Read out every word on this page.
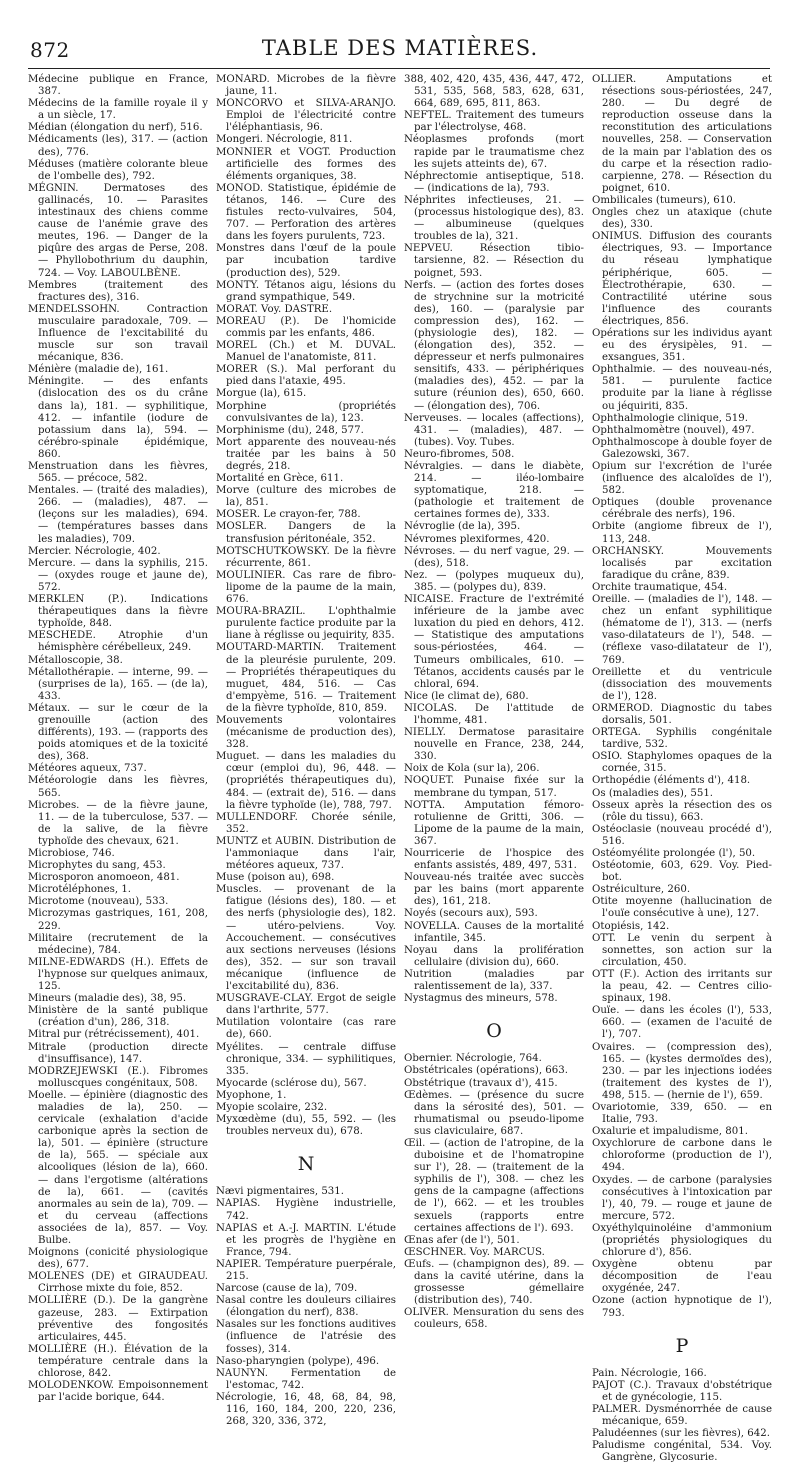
872	TABLE DES MATIÈRES.

Médecine publique en France, 387.

Médecins de la famille royale il y a un siècle, 17.

Médian (élongation du nerf), 516.

Médicaments (les), 317. — (action des), 776.

Méduses (matière colorante bleue de l'ombelle des), 792.

MÉGNIN. Dermatoses des gallinacés, 10. — Parasites intestinaux des chiens comme cause de l'anémie grave des meutes, 196. — Danger de la piqûre des argas de Perse, 208. — Phyllobothrium du dauphin, 724. — Voy. LABOULBÈNE.

Membres (traitement des fractures des), 316.

MENDELSSOHN. Contraction musculaire paradoxale, 709. — Influence de l'excitabilité du muscle sur son travail mécanique, 836.

Ménière (maladie de), 161.

Méningite. — des enfants (dislocation des os du crâne dans la), 181. — syphilitique, 412. — infantile (iodure de potassium dans la), 594. — cérébro-spinale épidémique, 860.

Menstruation dans les fièvres, 565. — précoce, 582.

Mentales. — (traité des maladies), 266. — (maladies), 487. — (leçons sur les maladies), 694. — (températures basses dans les maladies), 709.

Mercier. Nécrologie, 402.

Mercure. — dans la syphilis, 215. — (oxydes rouge et jaune de), 572.

MERKLEN (P.). Indications thérapeutiques dans la fièvre typhoïde, 848.

MESCHEDE. Atrophie d'un hémisphère cérébelleux, 249.

Métalloscopie, 38.

Métallothérapie. — interne, 99. — (surprises de la), 165. — (de la), 433.

Métaux. — sur le cœur de la grenouille (action des différents), 193. — (rapports des poids atomiques et de la toxicité des), 368.

Météores aqueux, 737.

Météorologie dans les fièvres, 565.

Microbes. — de la fièvre jaune, 11. — de la tuberculose, 537. — de la salive, de la fièvre typhoïde des chevaux, 621.

Microbiose, 746.

Microphytes du sang, 453.

Microsporon anomoeon, 481.

Microtéléphones, 1.

Microtome (nouveau), 533.

Microzymas gastriques, 161, 208, 229.

Militaire (recrutement de la médecine), 784.

MILNE-EDWARDS (H.). Effets de l'hypnose sur quelques animaux, 125.

Mineurs (maladie des), 38, 95.

Ministère de la santé publique (création d'un), 286, 318.

Mitral pur (rétrécissement), 401.

Mitrale (production directe d'insuffisance), 147.

MODRZEJEWSKI (E.). Fibromes molluscques congénitaux, 508.

Moelle. — épinière (diagnostic des maladies de la), 250. — cervicale (exhalation d'acide carbonique après la section de la), 501. — épinière (structure de la), 565. — spéciale aux alcooliques (lésion de la), 660. — dans l'ergotisme (altérations de la), 661. — (cavités anormales au sein de la), 709. — et du cerveau (affections associées de la), 857. — Voy. Bulbe.

Moignons (conicité physiologique des), 677.

MOLENES (DE) et GIRAUDEAU. Cirrhose mixte du foie, 852.

MOLLIÈRE (D.). De la gangrène gazeuse, 283. — Extirpation préventive des fongosités articulaires, 445.

MOLLIÈRE (H.). Élévation de la température centrale dans la chlorose, 842.

MOLODENKOW. Empoisonnement par l'acide borique, 644.

MONARD. Microbes de la fièvre jaune, 11.

MONCORVO et SILVA-ARANJO. Emploi de l'électricité contre l'éléphantiasis, 96.

Mongeri. Nécrologie, 811.

MONNIER et VOGT. Production artificielle des formes des éléments organiques, 38.

MONOD. Statistique, épidémie de tétanos, 146. — Cure des fistules recto-vulvaires, 504, 707. — Perforation des artères dans les foyers purulents, 723.

Monstres dans l'œuf de la poule par incubation tardive (production des), 529.

MONTY. Tétanos aigu, lésions du grand sympathique, 549.

MORAT. Voy. DASTRE.

MOREAU (P.). De l'homicide commis par les enfants, 486.

MOREL (Ch.) et M. DUVAL. Manuel de l'anatomiste, 811.

MORER (S.). Mal perforant du pied dans l'ataxie, 495.

Morgue (la), 615.

Morphine (propriétés convulsivantes de la), 123.

Morphinisme (du), 248, 577.

Mort apparente des nouveau-nés traitée par les bains à 50 degrés, 218.

Mortalité en Grèce, 611.

Morve (culture des microbes de la), 851.

MOSER. Le crayon-fer, 788.

MOSLER. Dangers de la transfusion péritonéale, 352.

MOTSCHUTKOWSKY. De la fièvre récurrente, 861.

MOULINIER. Cas rare de fibro-lipome de la paume de la main, 676.

MOURA-BRAZIL. L'ophthalmie purulente factice produite par la liane à réglisse ou jequirity, 835.

MOUTARD-MARTIN. Traitement de la pleurésie purulente, 209. — Propriétés thérapeutiques du muguet, 484, 516. — Cas d'empyème, 516. — Traitement de la fièvre typhoïde, 810, 859.

Mouvements volontaires (mécanisme de production des), 328.

Muguet. — dans les maladies du cœur (emploi du), 96, 448. — (propriétés thérapeutiques du), 484. — (extrait de), 516. — dans la fièvre typhoïde (le), 788, 797.

MULLENDORF. Chorée sénile, 352.

MUNTZ et AUBIN. Distribution de l'ammoniaque dans l'air, météores aqueux, 737.

Muse (poison au), 698.

Muscles. — provenant de la fatigue (lésions des), 180. — et des nerfs (physiologie des), 182. — utéro-pelviens. Voy. Accouchement. — consécutives aux sections nerveuses (lésions des), 352. — sur son travail mécanique (influence de l'excitabilité du), 836.

MUSGRAVE-CLAY. Ergot de seigle dans l'arthrite, 577.

Mutilation volontaire (cas rare de), 660.

Myélites. — centrale diffuse chronique, 334. — syphilitiques, 335.

Myocarde (sclérose du), 567.

Myophone, 1.

Myopie scolaire, 232.

Myxœdème (du), 55, 592. — (les troubles nerveux du), 678.

N

Nævi pigmentaires, 531.

NAPIAS. Hygiène industrielle, 742.

NAPIAS et A.-J. MARTIN. L'étude et les progrès de l'hygiène en France, 794.

NAPIER. Température puerpérale, 215.

Narcose (cause de la), 709.

Nasal contre les douleurs ciliaires (élongation du nerf), 838.

Nasales sur les fonctions auditives (influence de l'atrésie des fosses), 314.

Naso-pharyngien (polype), 496.

NAUNYN. Fermentation de l'estomac, 742.

Nécrologie, 16, 48, 68, 84, 98, 116, 160, 184, 200, 220, 236, 268, 320, 336, 372,

388, 402, 420, 435, 436, 447, 472, 531, 535, 568, 583, 628, 631, 664, 689, 695, 811, 863.

NEFTEL. Traitement des tumeurs par l'électrolyse, 468.

Néoplasmes profonds (mort rapide par le traumatisme chez les sujets atteints de), 67.

Néphrectomie antiseptique, 518. — (indications de la), 793.

Néphrites infectieuses, 21. — (processus histologique des), 83. — albumineuse (quelques troubles de la), 321.

NEPVEU. Résection tibio-tarsienne, 82. — Résection du poignet, 593.

Nerfs. — (action des fortes doses de strychnine sur la motricité des), 160. — (paralysie par compression des), 162. — (physiologie des), 182. — (élongation des), 352. — dépresseur et nerfs pulmonaires sensitifs, 433. — périphériques (maladies des), 452. — par la suture (réunion des), 650, 660. — (élongation des), 706.

Nerveuses. — locales (affections), 431. — (maladies), 487. — (tubes). Voy. Tubes.

Neuro-fibromes, 508.

Névralgies. — dans le diabète, 214. — iléo-lombaire syptomatique, 218. — (pathologie et traitement de certaines formes de), 333.

Névroglie (de la), 395.

Névromes plexiformes, 420.

Névroses. — du nerf vague, 29. — (des), 518.

Nez. — (polypes muqueux du), 385. — (polypes du), 839.

NICAISE. Fracture de l'extrémité inférieure de la jambe avec luxation du pied en dehors, 412. — Statistique des amputations sous-périostées, 464. — Tumeurs ombilicales, 610. — Tétanos, accidents causés par le chloral, 694.

Nice (le climat de), 680.

NICOLAS. De l'attitude de l'homme, 481.

NIELLY. Dermatose parasitaire nouvelle en France, 238, 244, 330.

Noix de Kola (sur la), 206.

NOQUET. Punaise fixée sur la membrane du tympan, 517.

NOTTA. Amputation fémoro-rotulienne de Gritti, 306. — Lipome de la paume de la main, 367.

Nourricerie de l'hospice des enfants assistés, 489, 497, 531.

Nouveau-nés traitée avec succès par les bains (mort apparente des), 161, 218.

Noyés (secours aux), 593.

NOVELLA. Causes de la mortalité infantile, 345.

Noyau dans la prolifération cellulaire (division du), 660.

Nutrition (maladies par ralentissement de la), 337.

Nystagmus des mineurs, 578.

O

Obernier. Nécrologie, 764.

Obstétricales (opérations), 663.

Obstétrique (travaux d'), 415.

Œdèmes. — (présence du sucre dans la sérosité des), 501. — rhumatismal ou pseudo-lipome sus claviculaire, 687.

Œil. — (action de l'atropine, de la duboisine et de l'homatropine sur l'), 28. — (traitement de la syphilis de l'), 308. — chez les gens de la campagne (affections de l'), 662. — et les troubles sexuels (rapports entre certaines affections de l'). 693.

Œnas afer (de l'), 501.

ŒSCHNER. Voy. MARCUS.

Œufs. — (champignon des), 89. — dans la cavité utérine, dans la grossesse gémellaire (distribution des), 740.

OLIVER. Mensuration du sens des couleurs, 658.

OLLIER. Amputations et résections sous-périostées, 247, 280. — Du degré de reproduction osseuse dans la reconstitution des articulations nouvelles, 258. — Conservation de la main par l'ablation des os du carpe et la résection radio-carpienne, 278. — Résection du poignet, 610.

Ombilicales (tumeurs), 610.

Ongles chez un ataxique (chute des), 330.

ONIMUS. Diffusion des courants électriques, 93. — Importance du réseau lymphatique périphérique, 605. — Électrothérapie, 630. — Contractilité utérine sous l'influence des courants électriques, 856.

Opérations sur les individus ayant eu des érysipèles, 91. — exsangues, 351.

Ophthalmie. — des nouveau-nés, 581. — purulente factice produite par la liane à réglisse ou jéquiriti, 835.

Ophthalmologie clinique, 519.

Ophthalmomètre (nouvel), 497.

Ophthalmoscope à double foyer de Galezowski, 367.

Opium sur l'excrétion de l'urée (influence des alcaloïdes de l'), 582.

Optiques (double provenance cérébrale des nerfs), 196.

Orbite (angiome fibreux de l'), 113, 248.

ORCHANSKY. Mouvements localisés par excitation faradique du crâne, 839.

Orchite traumatique, 454.

Oreille. — (maladies de l'), 148. — chez un enfant syphilitique (hématome de l'), 313. — (nerfs vaso-dilatateurs de l'), 548. — (réflexe vaso-dilatateur de l'), 769.

Oreillette et du ventricule (dissociation des mouvements de l'), 128.

ORMEROD. Diagnostic du tabes dorsalis, 501.

ORTEGA. Syphilis congénitale tardive, 532.

OSIO. Staphylomes opaques de la cornée, 315.

Orthopédie (éléments d'), 418.

Os (maladies des), 551.

Osseux après la résection des os (rôle du tissu), 663.

Ostéoclasie (nouveau procédé d'), 516.

Ostéomyélite prolongée (l'), 50.

Ostéotomie, 603, 629. Voy. Pied-bot.

Ostréiculture, 260.

Otite moyenne (hallucination de l'ouïe consécutive à une), 127.

Otopiésis, 142.

OTT. Le venin du serpent à sonnettes, son action sur la circulation, 450.

OTT (F.). Action des irritants sur la peau, 42. — Centres cilio-spinaux, 198.

Ouïe. — dans les écoles (l'), 533, 660. — (examen de l'acuité de l'), 707.

Ovaires. — (compression des), 165. — (kystes dermoïdes des), 230. — par les injections iodées (traitement des kystes de l'), 498, 515. — (hernie de l'), 659.

Ovariotomie, 339, 650. — en Italie, 793.

Oxalurie et impaludisme, 801.

Oxychlorure de carbone dans le chloroforme (production de l'), 494.

Oxydes. — de carbone (paralysies consécutives à l'intoxication par l'), 40, 79. — rouge et jaune de mercure, 572.

Oxyéthylquinoléine d'ammonium (propriétés physiologiques du chlorure d'), 856.

Oxygène obtenu par décomposition de l'eau oxygénée, 247.

Ozone (action hypnotique de l'), 793.

P

Pain. Nécrologie, 166.

PAJOT (C.). Travaux d'obstétrique et de gynécologie, 115.

PALMER. Dysménorrhée de cause mécanique, 659.

Paludéennes (sur les fièvres), 642.

Paludisme congénital, 534. Voy. Gangrène, Glycosurie.
